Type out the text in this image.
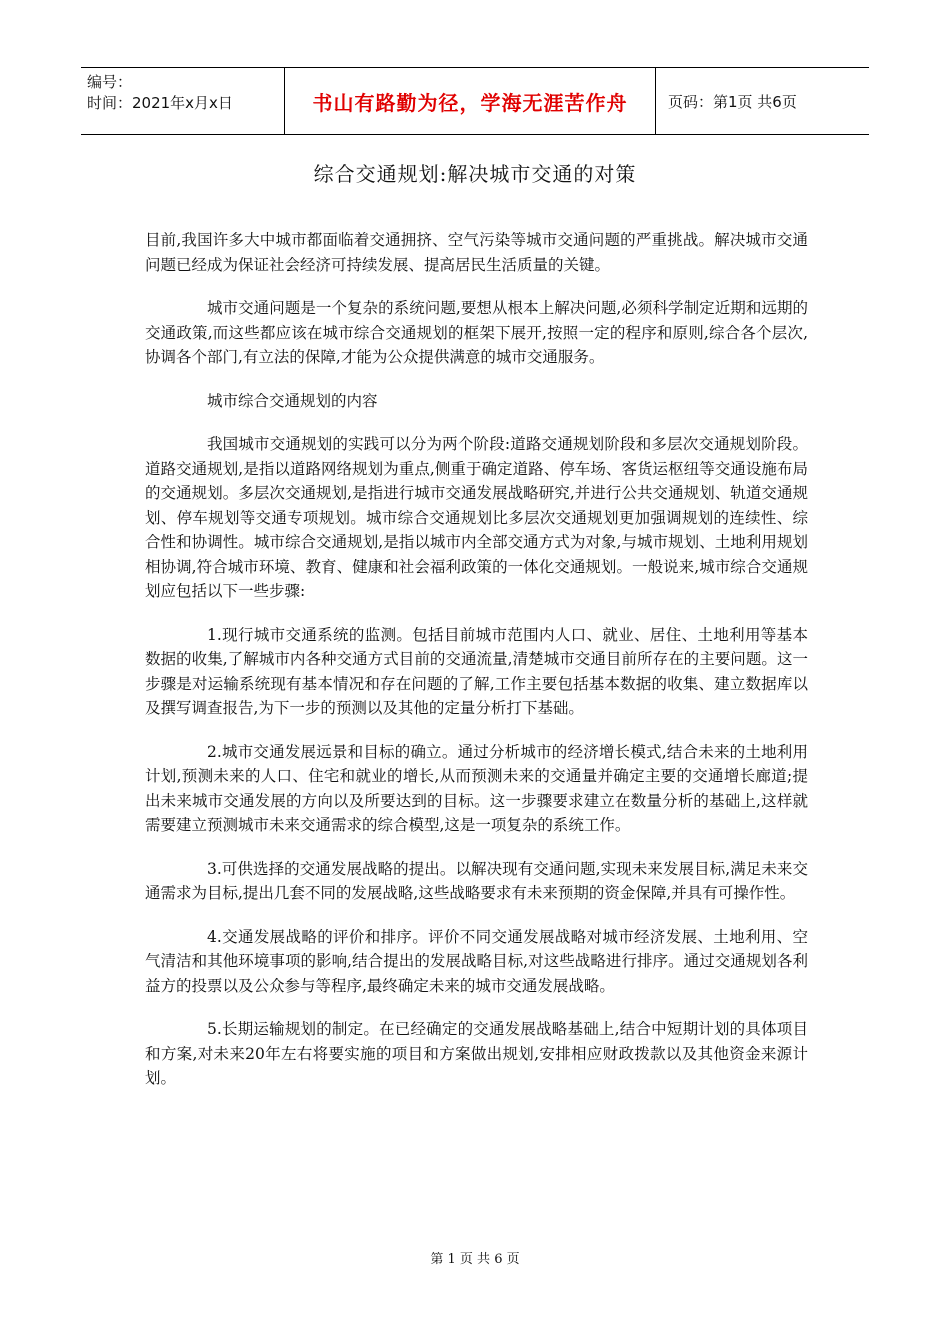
编号：
时间：2021年x月x日	书山有路勤为径，学海无涯苦作舟	页码：第1页 共6页
综合交通规划:解决城市交通的对策

目前,我国许多大中城市都面临着交通拥挤、空气污染等城市交通问题的严重挑战。解决城市交通问题已经成为保证社会经济可持续发展、提高居民生活质量的关键。

城市交通问题是一个复杂的系统问题,要想从根本上解决问题,必须科学制定近期和远期的交通政策,而这些都应该在城市综合交通规划的框架下展开,按照一定的程序和原则,综合各个层次,协调各个部门,有立法的保障,才能为公众提供满意的城市交通服务。

城市综合交通规划的内容

我国城市交通规划的实践可以分为两个阶段:道路交通规划阶段和多层次交通规划阶段。道路交通规划,是指以道路网络规划为重点,侧重于确定道路、停车场、客货运枢纽等交通设施布局的交通规划。多层次交通规划,是指进行城市交通发展战略研究,并进行公共交通规划、轨道交通规划、停车规划等交通专项规划。城市综合交通规划比多层次交通规划更加强调规划的连续性、综合性和协调性。城市综合交通规划,是指以城市内全部交通方式为对象,与城市规划、土地利用规划相协调,符合城市环境、教育、健康和社会福利政策的一体化交通规划。一般说来,城市综合交通规划应包括以下一些步骤:

1.现行城市交通系统的监测。包括目前城市范围内人口、就业、居住、土地利用等基本数据的收集,了解城市内各种交通方式目前的交通流量,清楚城市交通目前所存在的主要问题。这一步骤是对运输系统现有基本情况和存在问题的了解,工作主要包括基本数据的收集、建立数据库以及撰写调查报告,为下一步的预测以及其他的定量分析打下基础。

2.城市交通发展远景和目标的确立。通过分析城市的经济增长模式,结合未来的土地利用计划,预测未来的人口、住宅和就业的增长,从而预测未来的交通量并确定主要的交通增长廊道;提出未来城市交通发展的方向以及所要达到的目标。这一步骤要求建立在数量分析的基础上,这样就需要建立预测城市未来交通需求的综合模型,这是一项复杂的系统工作。

3.可供选择的交通发展战略的提出。以解决现有交通问题,实现未来发展目标,满足未来交通需求为目标,提出几套不同的发展战略,这些战略要求有未来预期的资金保障,并具有可操作性。

4.交通发展战略的评价和排序。评价不同交通发展战略对城市经济发展、土地利用、空气清洁和其他环境事项的影响,结合提出的发展战略目标,对这些战略进行排序。通过交通规划各利益方的投票以及公众参与等程序,最终确定未来的城市交通发展战略。

5.长期运输规划的制定。在已经确定的交通发展战略基础上,结合中短期计划的具体项目和方案,对未来20年左右将要实施的项目和方案做出规划,安排相应财政拨款以及其他资金来源计划。

第 1 页 共 6 页
